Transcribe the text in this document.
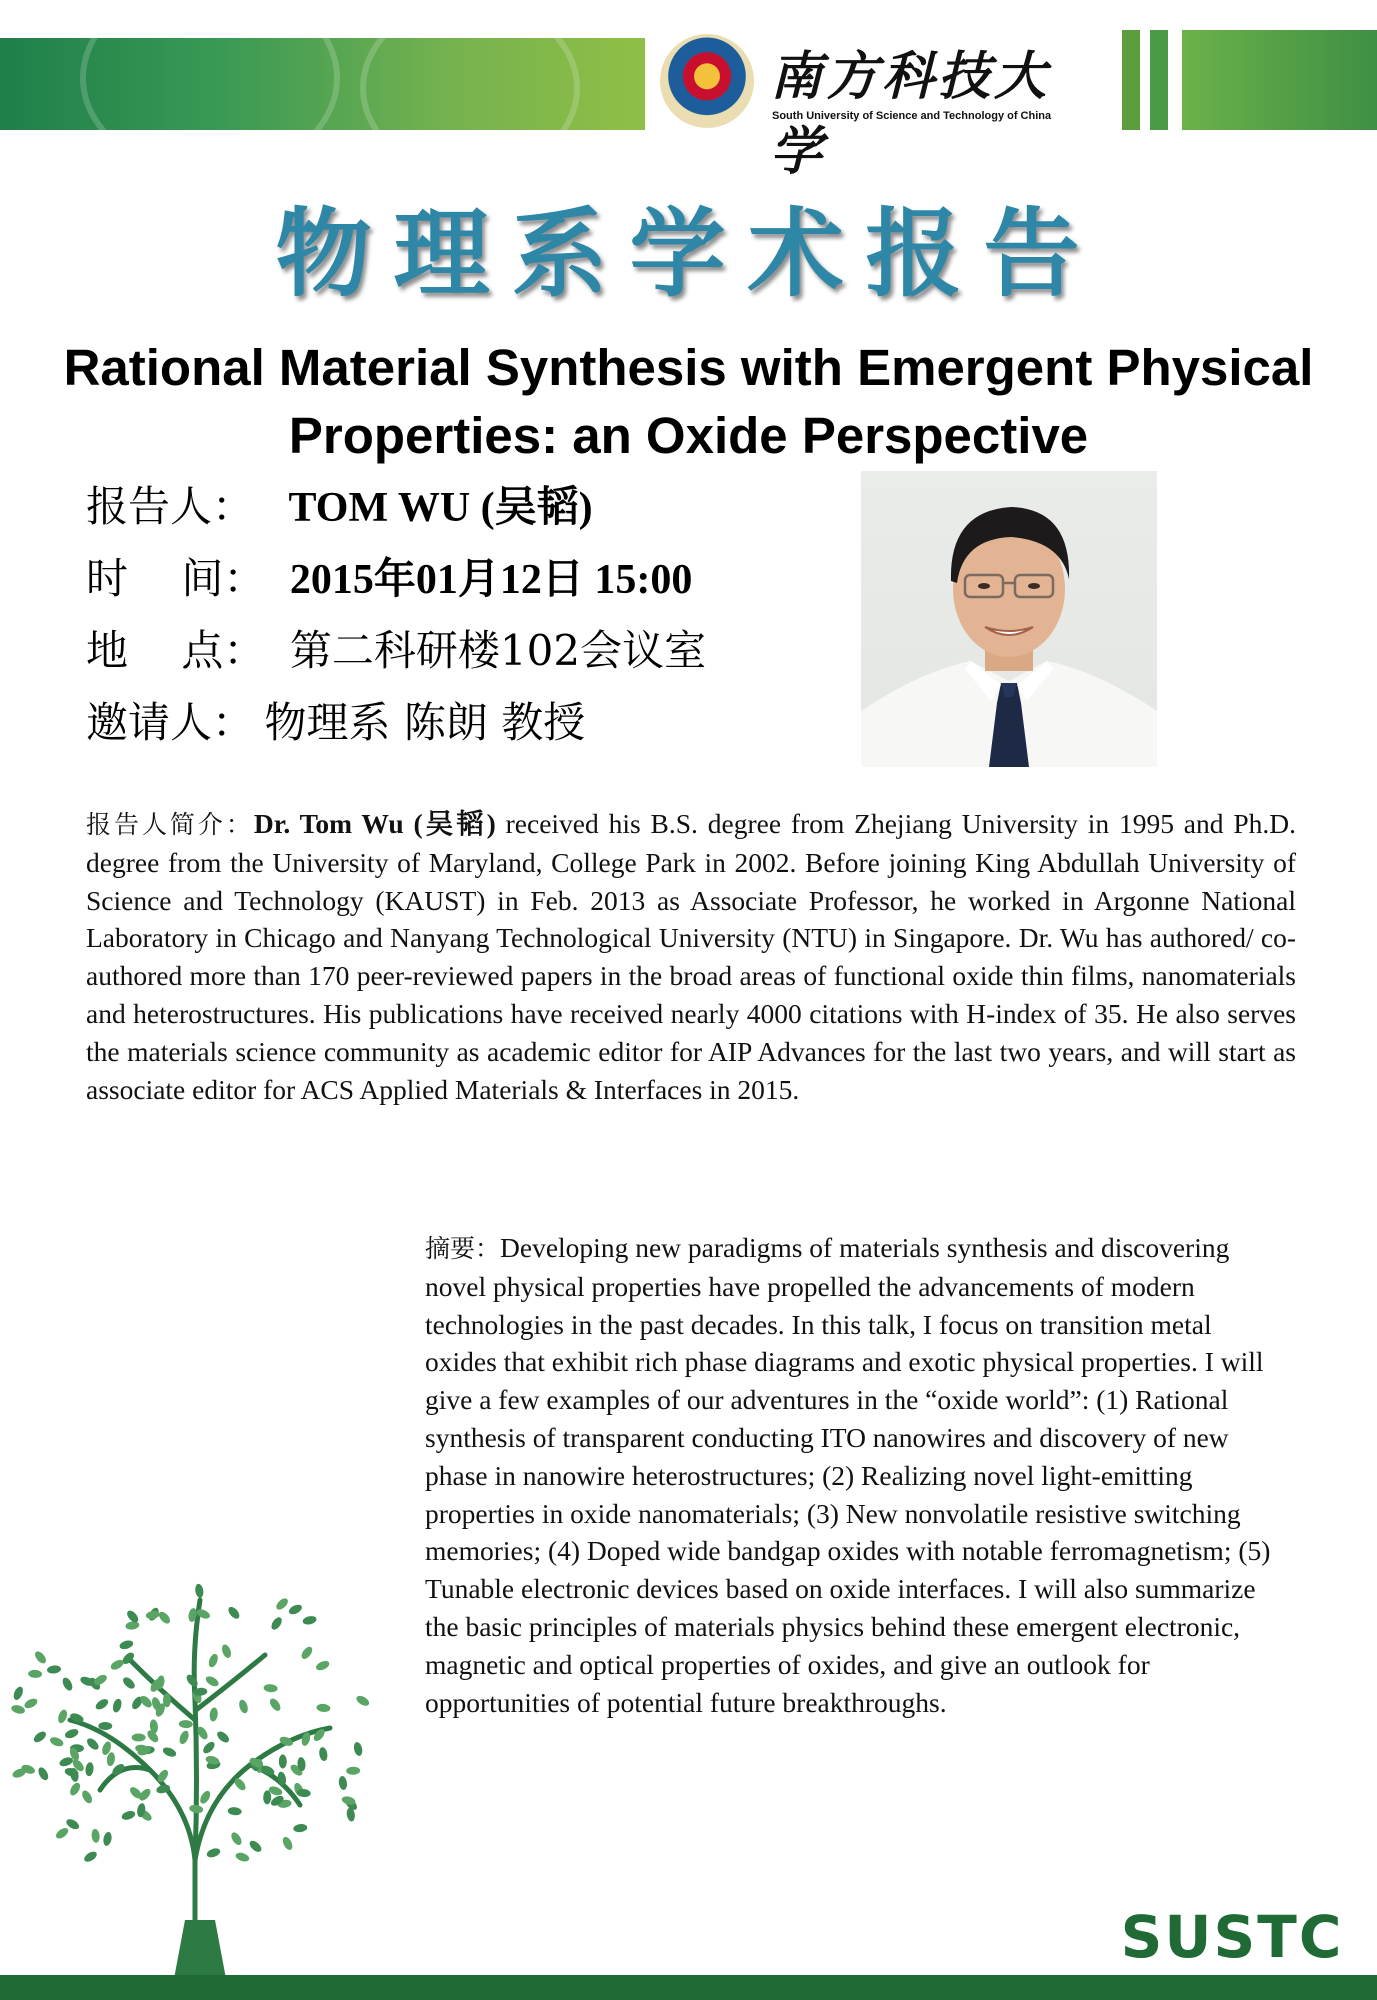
南方科技大学
South University of Science and Technology of China
物理系学术报告
Rational Material Synthesis with Emergent Physical Properties: an Oxide Perspective
报告人： TOM WU (吴韬)
时    间： 2015年01月12日 15:00
地    点： 第二科研楼102会议室
邀请人： 物理系 陈朗 教授
报告人简介：Dr. Tom Wu (吴韬) received his B.S. degree from Zhejiang University in 1995 and Ph.D. degree from the University of Maryland, College Park in 2002. Before joining King Abdullah University of Science and Technology (KAUST) in Feb. 2013 as Associate Professor, he worked in Argonne National Laboratory in Chicago and Nanyang Technological University (NTU) in Singapore. Dr. Wu has authored/ co-authored more than 170 peer-reviewed papers in the broad areas of functional oxide thin films, nanomaterials and heterostructures. His publications have received nearly 4000 citations with H-index of 35. He also serves the materials science community as academic editor for AIP Advances for the last two years, and will start as associate editor for ACS Applied Materials & Interfaces in 2015.
摘要：Developing new paradigms of materials synthesis and discovering novel physical properties have propelled the advancements of modern technologies in the past decades. In this talk, I focus on transition metal oxides that exhibit rich phase diagrams and exotic physical properties. I will give a few examples of our adventures in the “oxide world”: (1) Rational synthesis of transparent conducting ITO nanowires and discovery of new phase in nanowire heterostructures; (2) Realizing novel light-emitting properties in oxide nanomaterials; (3) New nonvolatile resistive switching memories; (4) Doped wide bandgap oxides with notable ferromagnetism; (5) Tunable electronic devices based on oxide interfaces. I will also summarize the basic principles of materials physics behind these emergent electronic, magnetic and optical properties of oxides, and give an outlook for opportunities of potential future breakthroughs.
SUSTC
